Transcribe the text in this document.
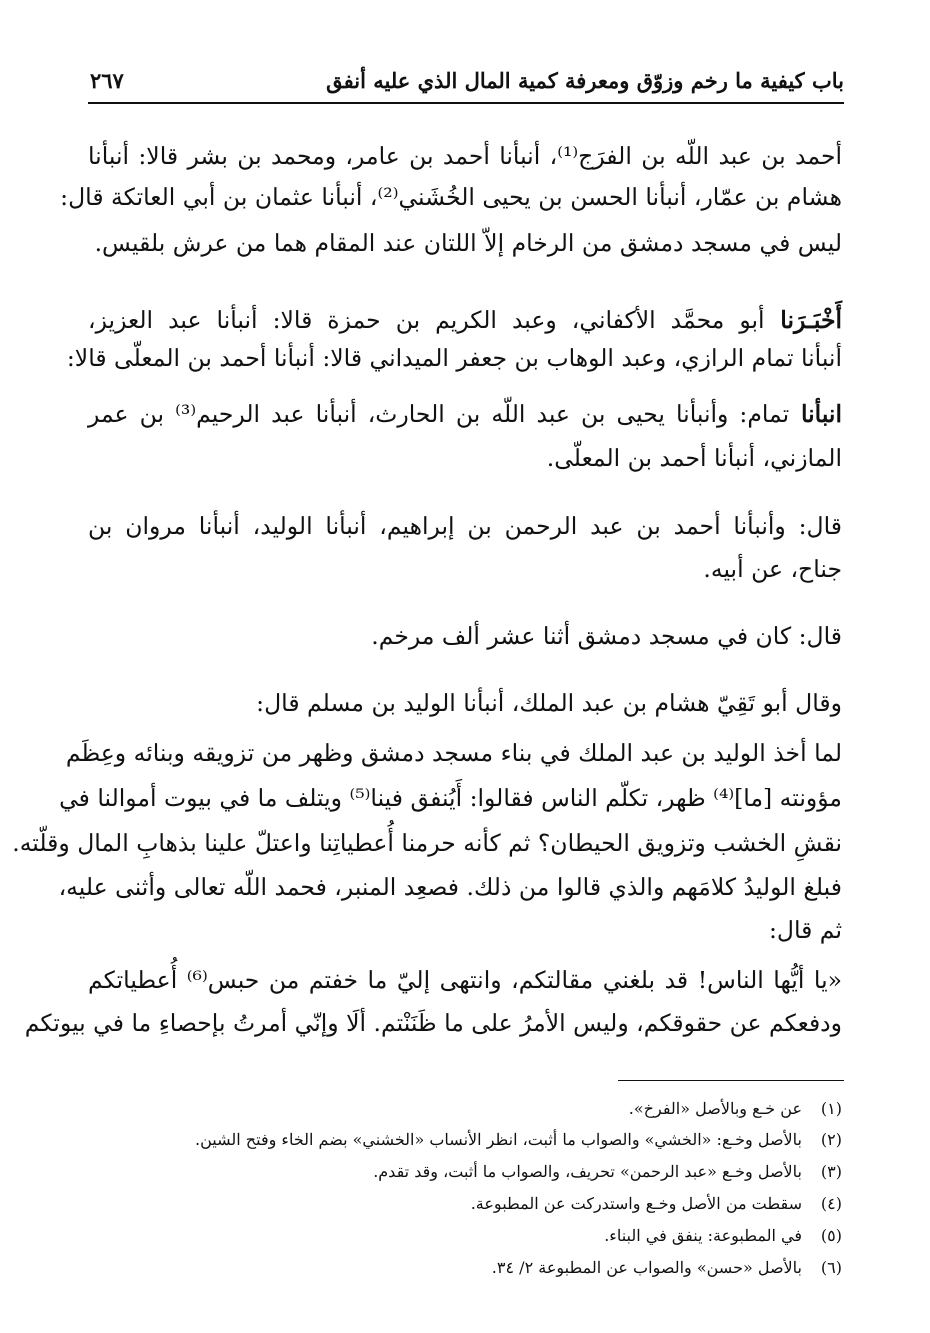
باب كيفية ما رخم وزوّق ومعرفة كمية المال الذي عليه أنفق
٢٦٧
أحمد بن عبد اللّه بن الفرَج⁽¹⁾، أنبأنا أحمد بن عامر، ومحمد بن بشر قالا: أنبأنا
هشام بن عمّار، أنبأنا الحسن بن يحيى الخُشَني⁽²⁾، أنبأنا عثمان بن أبي العاتكة قال:
ليس في مسجد دمشق من الرخام إلاّ اللتان عند المقام هما من عرش بلقيس.
أَخْبَـرَنا أبو محمَّد الأكفاني، وعبد الكريم بن حمزة قالا: أنبأنا عبد العزيز،
أنبأنا تمام الرازي، وعبد الوهاب بن جعفر الميداني قالا: أنبأنا أحمد بن المعلّى قالا:
انبأنا تمام: وأنبأنا يحيى بن عبد اللّه بن الحارث، أنبأنا عبد الرحيم⁽³⁾ بن عمر
المازني، أنبأنا أحمد بن المعلّى.
قال: وأنبأنا أحمد بن عبد الرحمن بن إبراهيم، أنبأنا الوليد، أنبأنا مروان بن
جناح، عن أبيه.
قال: كان في مسجد دمشق أثنا عشر ألف مرخم.
وقال أبو تَقِيّ هشام بن عبد الملك، أنبأنا الوليد بن مسلم قال:
لما أخذ الوليد بن عبد الملك في بناء مسجد دمشق وظهر من تزويقه وبنائه وعِظَم
مؤونته [ما]⁽⁴⁾ ظهر، تكلّم الناس فقالوا: أَيُنفق فينا⁽⁵⁾ ويتلف ما في بيوت أموالنا في
نقشِ الخشب وتزويق الحيطان؟ ثم كأنه حرمنا أُعطياتِنا واعتلّ علينا بذهابِ المال وقلّته.
فبلغ الوليدُ كلامَهم والذي قالوا من ذلك. فصعِد المنبر، فحمد اللّه تعالى وأثنى عليه،
ثم قال:
«يا أيُّها الناس! قد بلغني مقالتكم، وانتهى إليّ ما خفتم من حبس⁽⁶⁾ أُعطياتكم
ودفعكم عن حقوقكم، وليس الأمرُ على ما ظَنَنْتم. ألَا وإنّي أمرتُ بإحصاءِ ما في بيوتكم
(١)عن خـع وبالأصل «الفرخ».
(٢)بالأصل وخـع: «الخشي» والصواب ما أثبت، انظر الأنساب «الخشني» بضم الخاء وفتح الشين.
(٣)بالأصل وخـع «عبد الرحمن» تحريف، والصواب ما أثبت، وقد تقدم.
(٤)سقطت من الأصل وخـع واستدركت عن المطبوعة.
(٥)في المطبوعة: ينفق في البناء.
(٦)بالأصل «حسن» والصواب عن المطبوعة ٢/ ٣٤.
